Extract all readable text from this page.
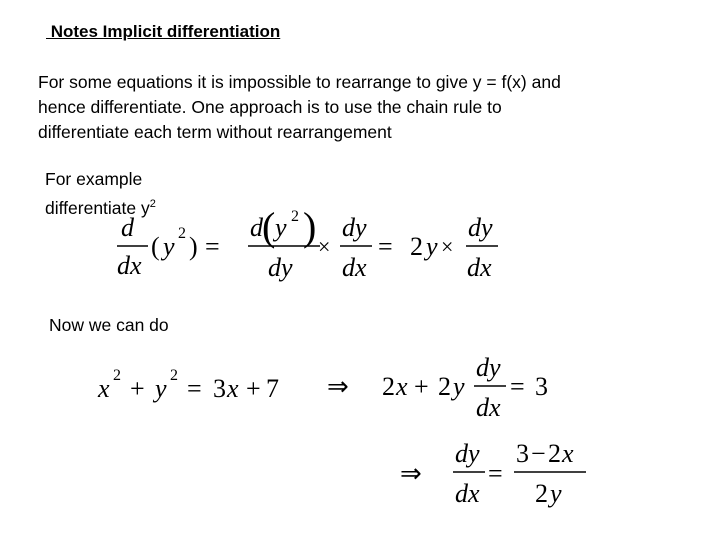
Notes Implicit differentiation
For some equations it is impossible to rearrange to give y = f(x) and
hence differentiate. One approach is to use the chain rule to
differentiate each term without rearrangement
For example
differentiate $y^2$
Now we can do
d
dx
( y 2 ) =
d ( y 2 )
dy
×
dy
dx
= 2 y ×
dy
dx
x 2 + y 2 = 3 x + 7 ⇒ 2 x + 2 y
dy
dx
= 3
⇒
dy
dx
=
3 − 2 x
2 y
